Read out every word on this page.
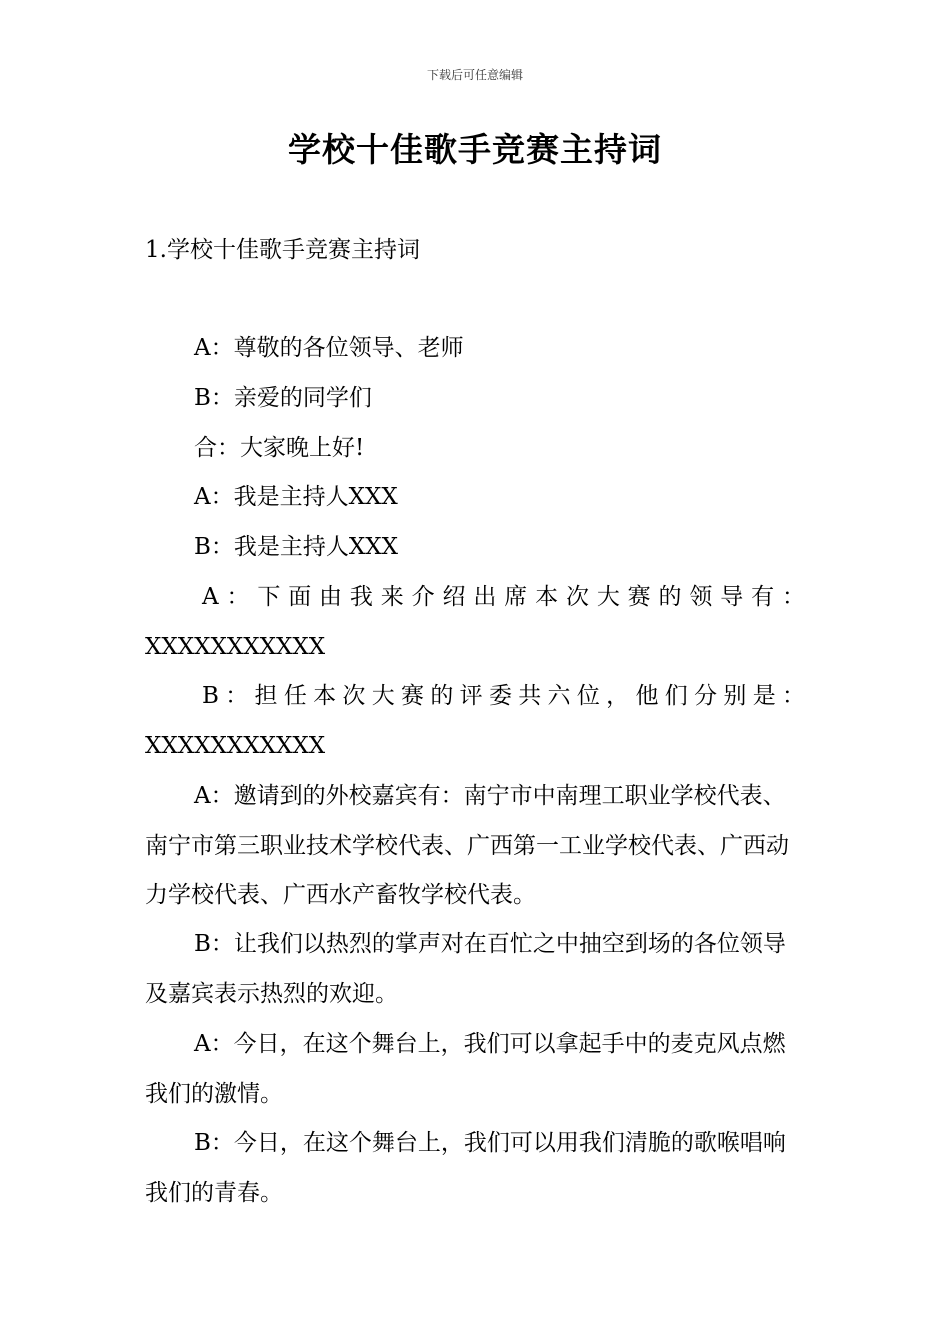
下载后可任意编辑
学校十佳歌手竞赛主持词
1.学校十佳歌手竞赛主持词
A：尊敬的各位领导、老师
B：亲爱的同学们
合：大家晚上好!
A：我是主持人XXX
B：我是主持人XXX

A：下面由我来介绍出席本次大赛的领导有：

XXXXXXXXXXX

B：担任本次大赛的评委共六位，他们分别是：

XXXXXXXXXXX

A：邀请到的外校嘉宾有：南宁市中南理工职业学校代表、南宁市第三职业技术学校代表、广西第一工业学校代表、广西动力学校代表、广西水产畜牧学校代表。
B：让我们以热烈的掌声对在百忙之中抽空到场的各位领导及嘉宾表示热烈的欢迎。
A：今日，在这个舞台上，我们可以拿起手中的麦克风点燃我们的激情。
B：今日，在这个舞台上，我们可以用我们清脆的歌喉唱响我们的青春。
